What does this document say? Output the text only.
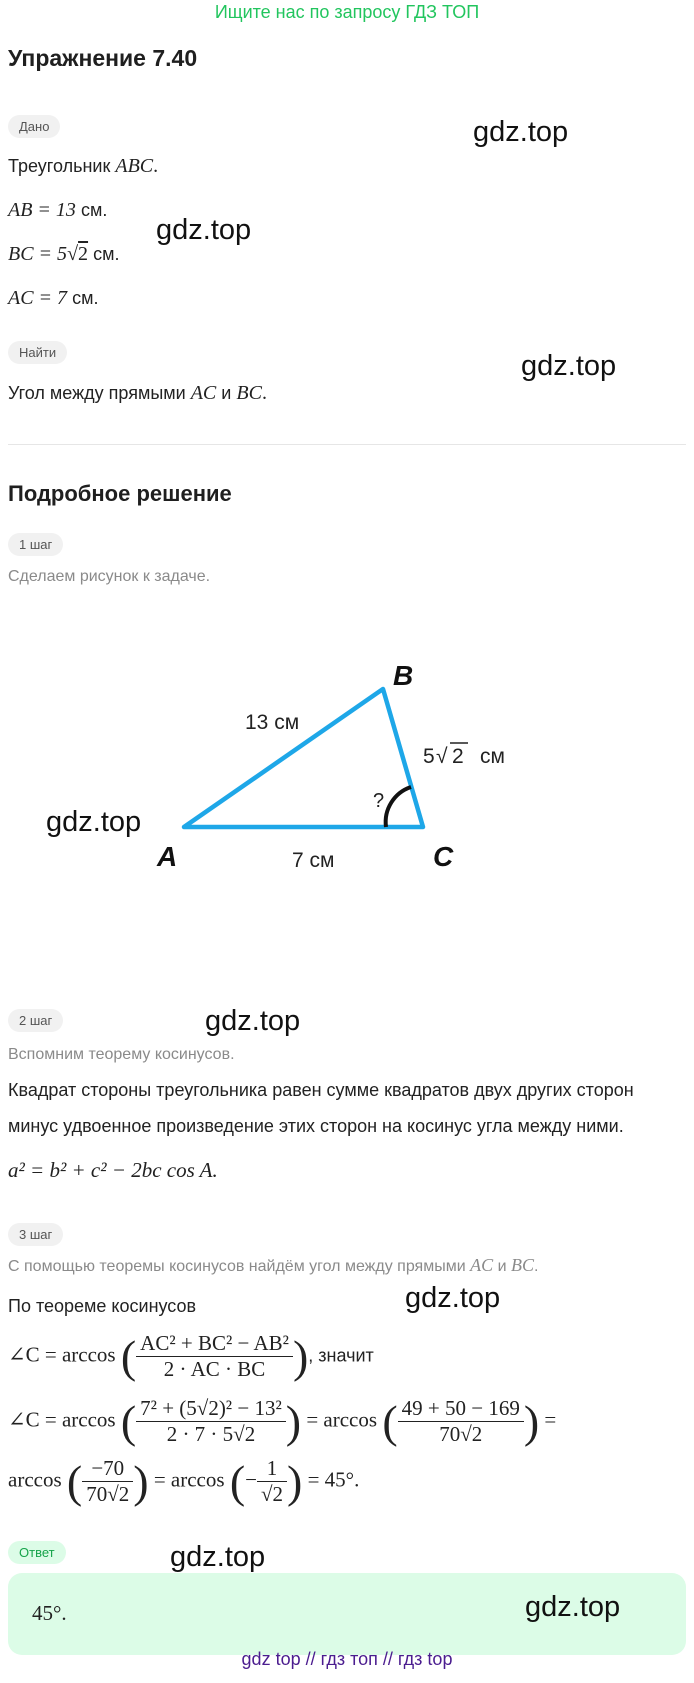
Ищите нас по запросу ГДЗ ТОП
Упражнение 7.40
Дано
Треугольник ABC.
AB = 13 см.
BC = 5√2 см.
AC = 7 см.
Найти
Угол между прямыми AC и BC.
Подробное решение
1 шаг
Сделаем рисунок к задаче.
?
A
B
C
13 см
7 см
5 √ 2 см
2 шаг
Вспомним теорему косинусов.
Квадрат стороны треугольника равен сумме квадратов двух других сторон
минус удвоенное произведение этих сторон на косинус угла между ними.
a² = b² + c² − 2bc cos A.
3 шаг
С помощью теоремы косинусов найдём угол между прямыми AC и BC.
По теореме косинусов
∠C = arccos ( $\frac{\text{AC² + BC² − AB²}}{2 \cdot AC \cdot BC}$ ), значит
∠C = arccos ( $\frac{\text{7² + (5√2)² − 13²}}{2 \cdot 7 \cdot 5√2}$ ) = arccos ( $\frac{49 + 50 - 169}{70√2}$ ) =
arccos ( $\frac{-70}{70√2}$ ) = arccos (− $\frac{1}{√2}$ ) = 45°.
Ответ
45°.
gdz.top
gdz.top
gdz.top
gdz.top
gdz.top
gdz.top
gdz.top
gdz.top
gdz top // гдз топ // гдз top
